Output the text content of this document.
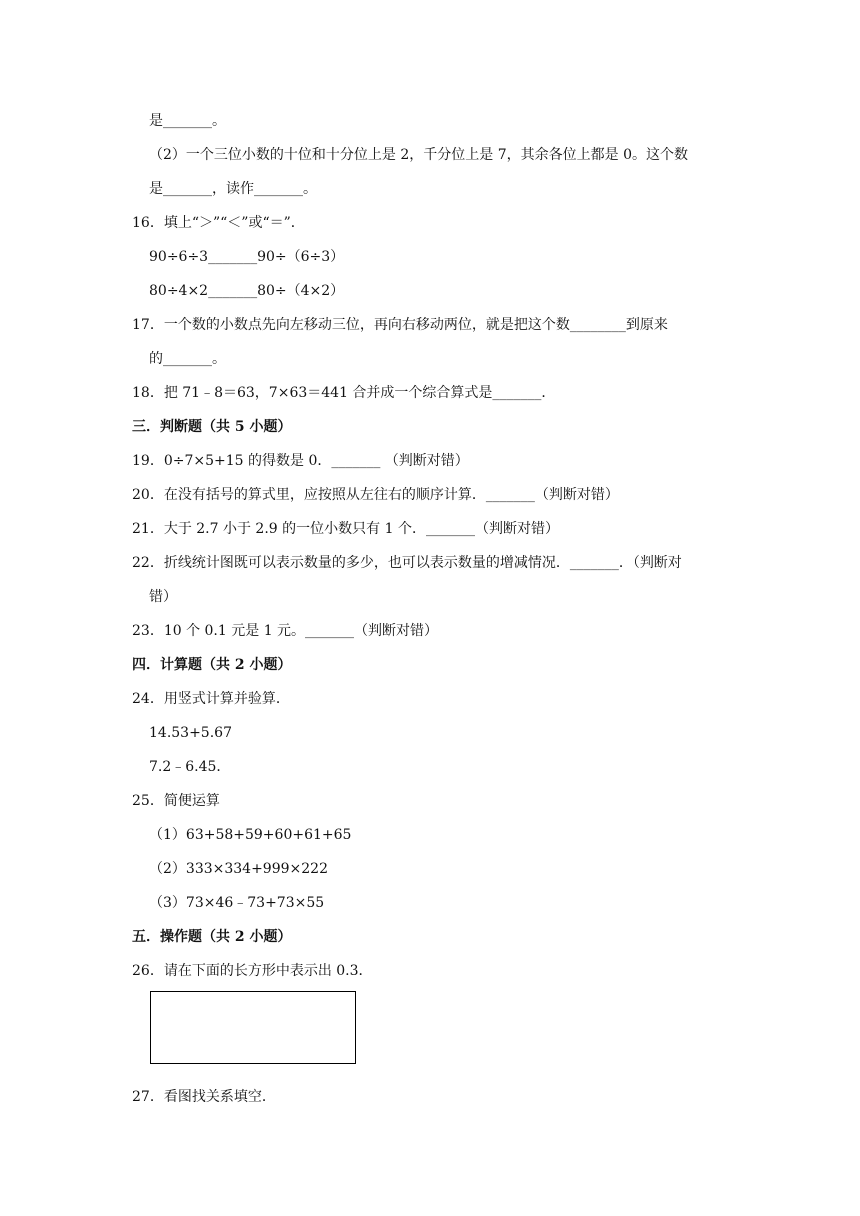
是_______。
（2）一个三位小数的十位和十分位上是 2，千分位上是 7，其余各位上都是 0。这个数
是_______，读作_______。
16．填上“＞”“＜”或“＝”．
90÷6÷3_______90÷（6÷3）
80÷4×2_______80÷（4×2）
17．一个数的小数点先向左移动三位，再向右移动两位，就是把这个数________到原来
的_______。
18．把 71﹣8＝63，7×63＝441 合并成一个综合算式是_______．
三．判断题（共 5 小题）
19．0÷7×5+15 的得数是 0．_______ （判断对错）
20．在没有括号的算式里，应按照从左往右的顺序计算．_______（判断对错）
21．大于 2.7 小于 2.9 的一位小数只有 1 个．_______（判断对错）
22．折线统计图既可以表示数量的多少，也可以表示数量的增减情况．_______．（判断对
错）
23．10 个 0.1 元是 1 元。_______（判断对错）
四．计算题（共 2 小题）
24．用竖式计算并验算．
14.53+5.67
7.2﹣6.45．
25．简便运算
（1）63+58+59+60+61+65
（2）333×334+999×222
（3）73×46﹣73+73×55
五．操作题（共 2 小题）
26．请在下面的长方形中表示出 0.3．
27．看图找关系填空．
